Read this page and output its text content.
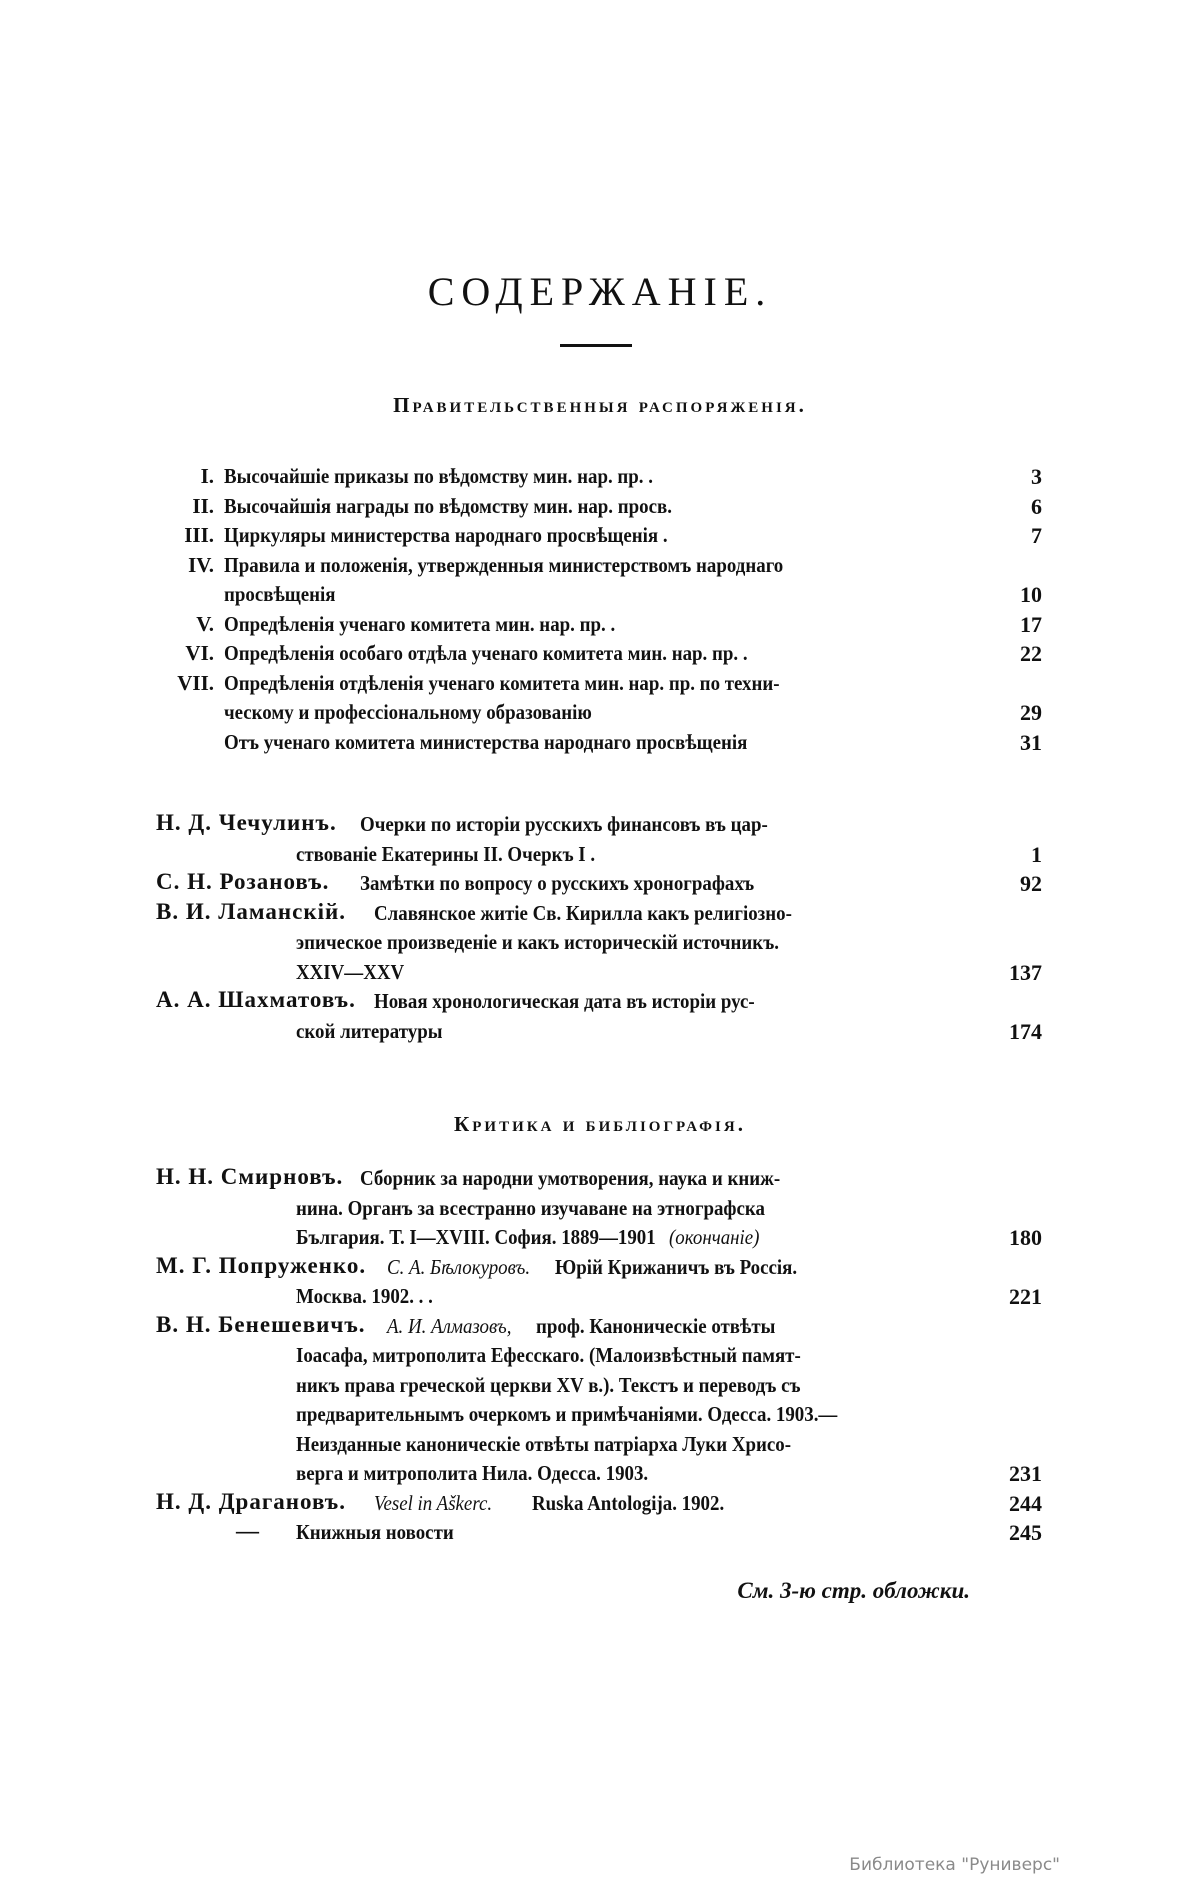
СОДЕРЖАНІЕ.
Правительственныя распоряженія.
I. Высочайшіе приказы по вѣдомству мин. нар. пр. .	3
II. Высочайшія награды по вѣдомству мин. нар. просв.	6
III. Циркуляры министерства народнаго просвѣщенія .	7
IV. Правила и положенія, утвержденныя министерствомъ народнаго
просвѣщенія	10
V. Опредѣленія ученаго комитета мин. нар. пр. .	17
VI. Опредѣленія особаго отдѣла ученаго комитета мин. нар. пр. .	22
VII. Опредѣленія отдѣленія ученаго комитета мин. нар. пр. по техни-
ческому и профессіональному образованію	29
Отъ ученаго комитета министерства народнаго просвѣщенія	31
Н. Д. Чечулинъ. Очерки по исторіи русскихъ финансовъ въ цар-
ствованіе Екатерины II. Очеркъ I .	1
С. Н. Розановъ. Замѣтки по вопросу о русскихъ хронографахъ	92
В. И. Ламанскій. Славянское житіе Св. Кирилла какъ религіозно-
эпическое произведеніе и какъ историческій источникъ.
XXIV—XXV	137
А. А. Шахматовъ. Новая хронологическая дата въ исторіи рус-
ской литературы	174
Критика и библіографія.
Н. Н. Смирновъ. Сборник за народни умотворения, наука и книж-
нина. Органъ за всестранно изучаване на этнографска
България. Т. I—XVIII. София. 1889—1901 (окончаніе)	180
М. Г. Попруженко. С. А. Бѣлокуровъ. Юрій Крижаничъ въ Россія.
Москва. 1902. . .	221
В. Н. Бенешевичъ. А. И. Алмазовъ, проф. Каноническіе отвѣты
Іоасафа, митрополита Ефесскаго. (Малоизвѣстный памят-
никъ права греческой церкви XV в.). Текстъ и переводъ съ
предварительнымъ очеркомъ и примѣчаніями. Одесса. 1903.—
Неизданные каноническіе отвѣты патріарха Луки Хрисо-
верга и митрополита Нила. Одесса. 1903.	231
Н. Д. Драгановъ. Vesel in Aškerc. Ruska Antologija. 1902.	244
— Книжныя новости	245
См. 3-ю стр. обложки.
Библиотека "Руниверс"
